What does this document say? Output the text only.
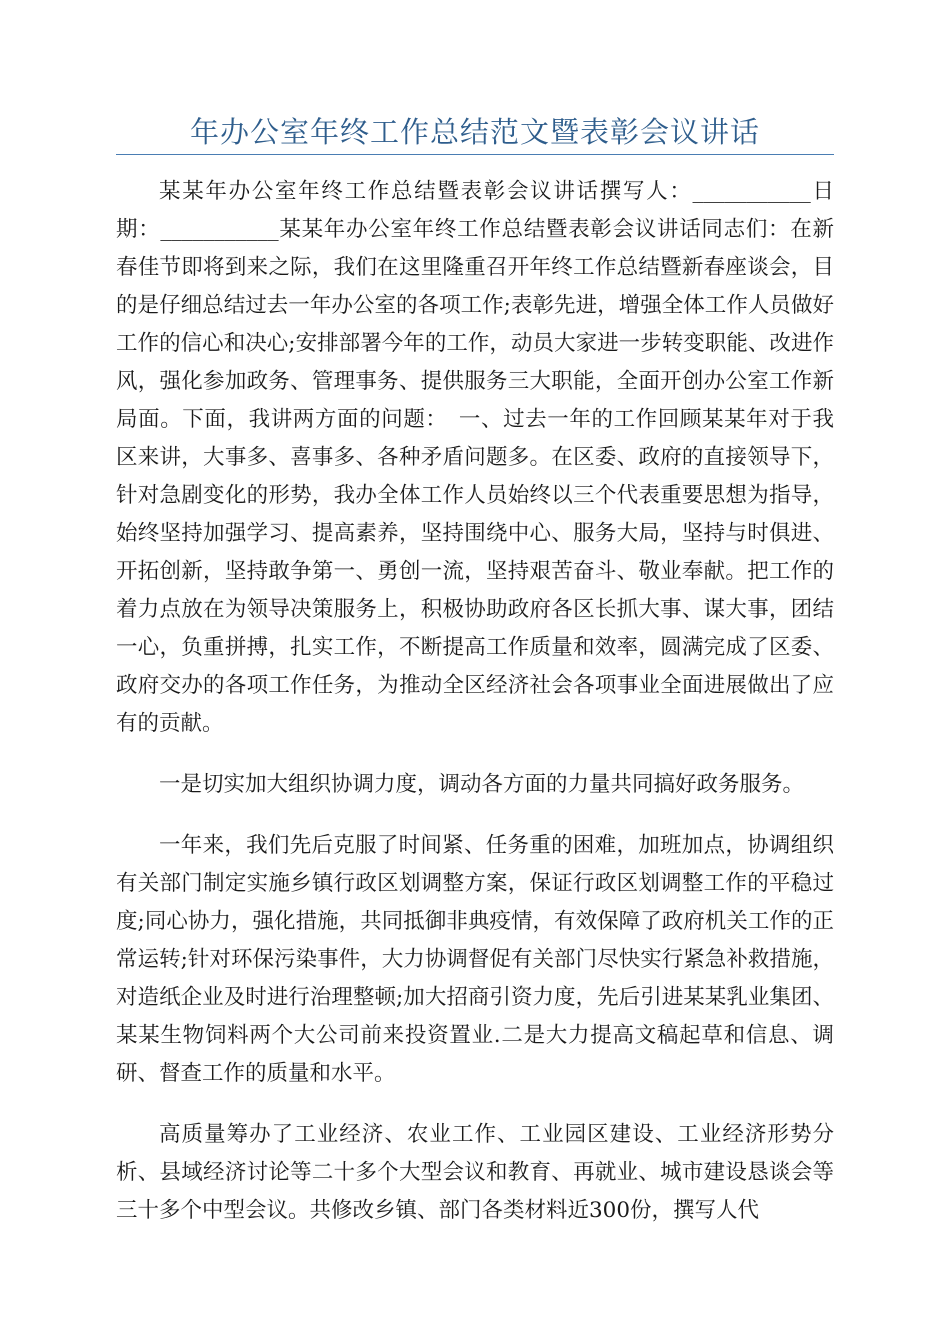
年办公室年终工作总结范文暨表彰会议讲话

某某年办公室年终工作总结暨表彰会议讲话撰写人：___________日期：___________某某年办公室年终工作总结暨表彰会议讲话同志们：在新春佳节即将到来之际，我们在这里隆重召开年终工作总结暨新春座谈会，目的是仔细总结过去一年办公室的各项工作;表彰先进，增强全体工作人员做好工作的信心和决心;安排部署今年的工作，动员大家进一步转变职能、改进作风，强化参加政务、管理事务、提供服务三大职能，全面开创办公室工作新局面。下面，我讲两方面的问题：　一、过去一年的工作回顾某某年对于我区来讲，大事多、喜事多、各种矛盾问题多。在区委、政府的直接领导下，针对急剧变化的形势，我办全体工作人员始终以三个代表重要思想为指导，始终坚持加强学习、提高素养，坚持围绕中心、服务大局，坚持与时俱进、开拓创新，坚持敢争第一、勇创一流，坚持艰苦奋斗、敬业奉献。把工作的着力点放在为领导决策服务上，积极协助政府各区长抓大事、谋大事，团结一心，负重拼搏，扎实工作，不断提高工作质量和效率，圆满完成了区委、政府交办的各项工作任务，为推动全区经济社会各项事业全面进展做出了应有的贡献。

一是切实加大组织协调力度，调动各方面的力量共同搞好政务服务。

一年来，我们先后克服了时间紧、任务重的困难，加班加点，协调组织有关部门制定实施乡镇行政区划调整方案，保证行政区划调整工作的平稳过度;同心协力，强化措施，共同抵御非典疫情，有效保障了政府机关工作的正常运转;针对环保污染事件，大力协调督促有关部门尽快实行紧急补救措施，对造纸企业及时进行治理整顿;加大招商引资力度，先后引进某某乳业集团、某某生物饲料两个大公司前来投资置业.二是大力提高文稿起草和信息、调研、督查工作的质量和水平。

高质量筹办了工业经济、农业工作、工业园区建设、工业经济形势分析、县域经济讨论等二十多个大型会议和教育、再就业、城市建设恳谈会等三十多个中型会议。共修改乡镇、部门各类材料近300份，撰写人代
